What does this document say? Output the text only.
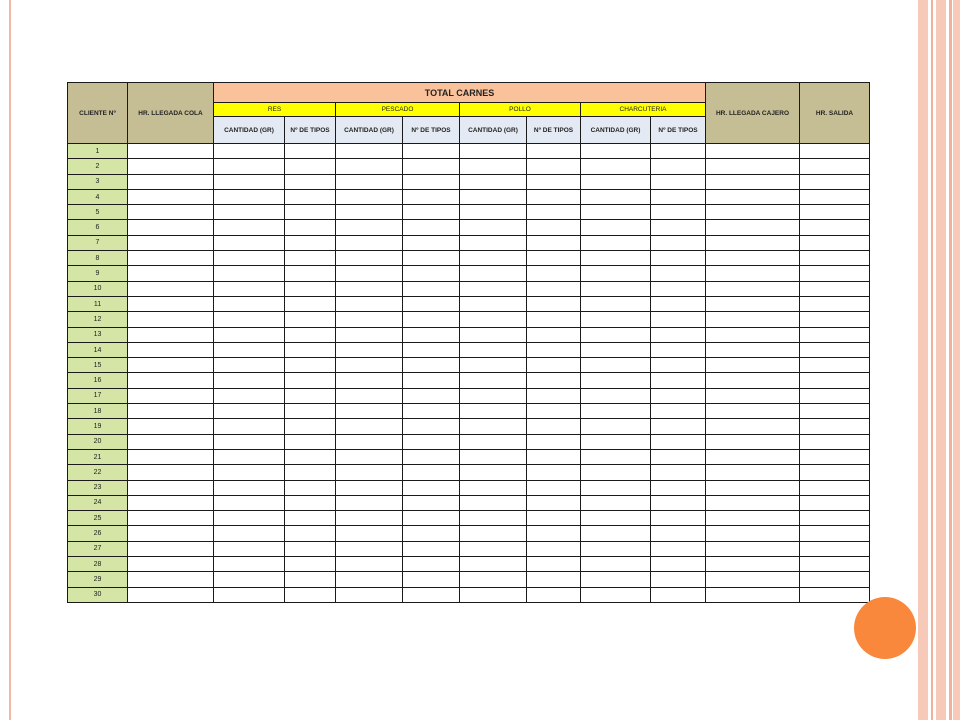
CLIENTE Nº	HR. LLEGADA COLA	TOTAL CARNES								HR. LLEGADA CAJERO	HR. SALIDA
		RES		PESCADO		POLLO		CHARCUTERIA			
		CANTIDAD (GR)	Nº DE TIPOS	CANTIDAD (GR)	Nº DE TIPOS	CANTIDAD (GR)	Nº DE TIPOS	CANTIDAD (GR)	Nº DE TIPOS		
1											
2											
3											
4											
5											
6											
7											
8											
9											
10											
11											
12											
13											
14											
15											
16											
17											
18											
19											
20											
21											
22											
23											
24											
25											
26											
27											
28											
29											
30											
